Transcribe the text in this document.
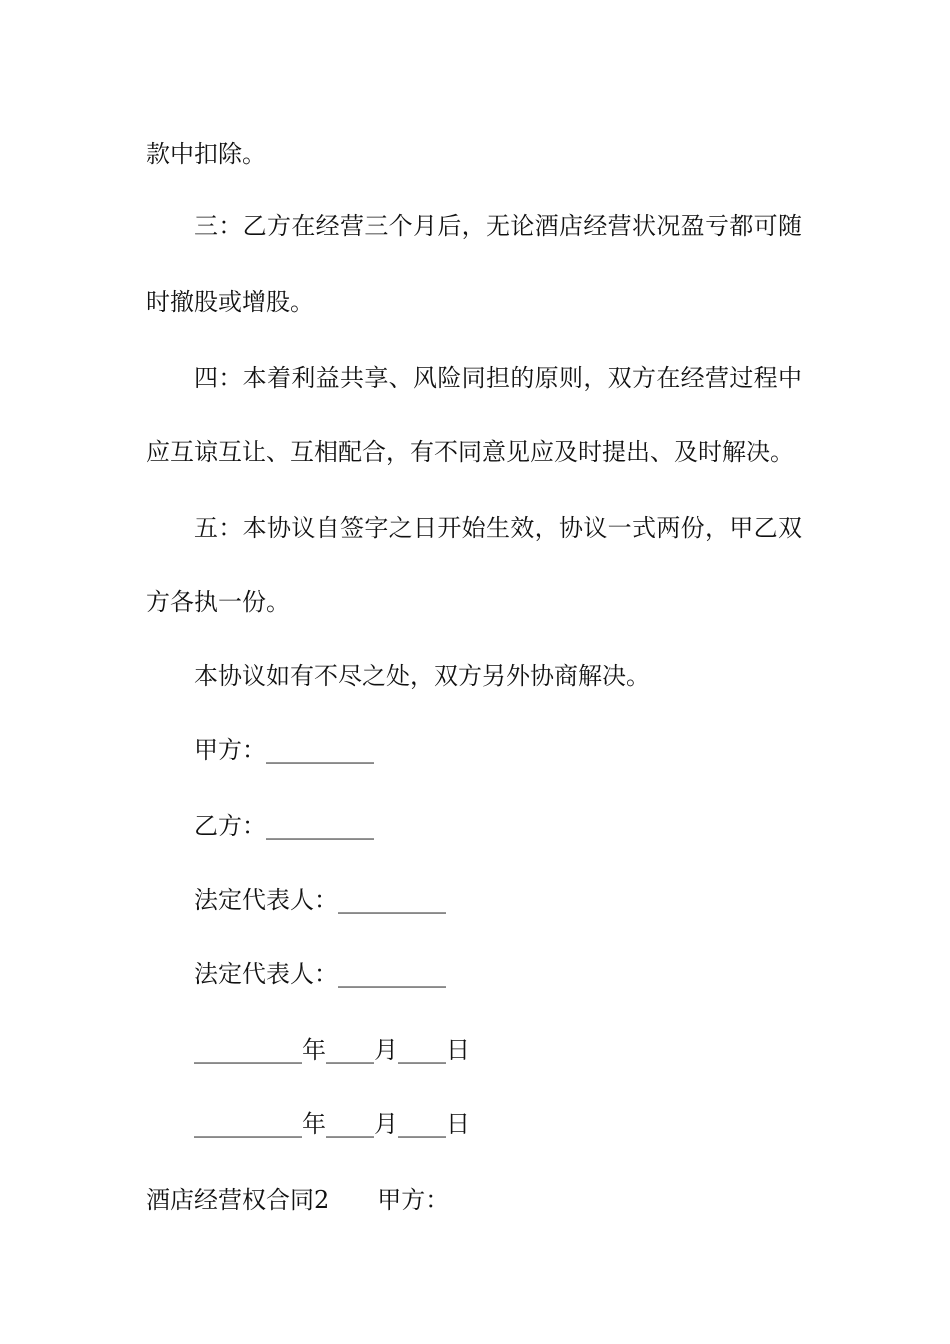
款中扣除。
三：乙方在经营三个月后，无论酒店经营状况盈亏都可随
时撤股或增股。
四：本着利益共享、风险同担的原则，双方在经营过程中
应互谅互让、互相配合，有不同意见应及时提出、及时解决。
五：本协议自签字之日开始生效，协议一式两份，甲乙双
方各执一份。
本协议如有不尽之处，双方另外协商解决。
甲方：_________
乙方：_________
法定代表人：_________
法定代表人：_________
_________年____月____日
_________年____月____日
酒店经营权合同2 甲方：
